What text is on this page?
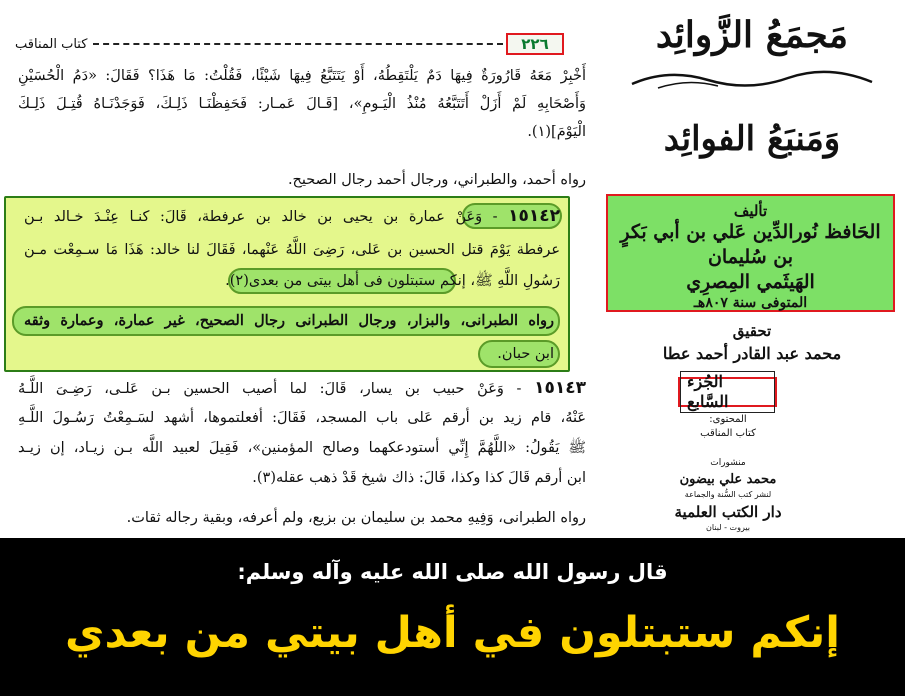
كتاب المناقب	٢٢٦
أَخْبِرْ مَعَهُ قَارُورَةٌ فِيهَا دَمٌ يَلْتَقِطُهُ، أَوْ يَتَتَبَّعُ فِيهَا شَيْئًا، فَقُلْتُ: مَا هَذَا؟ فَقَالَ: «دَمُ الْحُسَيْنِ
وَأَصْحَابِهِ لَمْ أَزَلْ أَتَتَبَّعُهُ مُنْذُ الْيَـومِ»، [قَـالَ عَمـار: فَحَفِظْنَـا ذَلِـكَ، فَوَجَدْنَـاهُ قُتِـلَ ذَلِـكَ
الْيَوْمَ](١).
رواه أحمد، والطبراني، ورجال أحمد رجال الصحيح.
١٥١٤٢ - وَعَنْ عمارة بن يحيى بن خالد بن عرفطة، قَالَ: كنـا عِنْـدَ خـالد بـن
عرفطة يَوْمَ قتل الحسين بن عَلى، رَضِىَ اللَّهُ عَنْهما، فَقَالَ لنا خالد: هَذَا مَا سـمِعْت مـن
رَسُولِ اللَّهِ ﷺ، إنكم ستبتلون فى أهل بيتى من بعدى(٢).
رواه الطبرانى، والبزار، ورجال الطبرانى رجال الصحيح، غير عمارة، وعمارة وثقه
ابن حبان.
١٥١٤٣ - وَعَنْ حبيب بن يسار، قَالَ: لما أصيب الحسين بـن عَلـى، رَضِـىَ اللَّـهُ
عَنْهُ، قام زيد بن أرقم عَلى باب المسجد، فَقَالَ: أفعلتموها، أشهد لسَـمِعْتُ رَسُـولَ اللَّـهِ
ﷺ يَقُولُ: «اللَّهُمَّ إِنِّي أستودعكهما وصالح المؤمنين»، فَقِيلَ لعبيد اللَّه بـن زيـاد، إن زيـد
ابن أرقم قَالَ كذا وكذا، قَالَ: ذاك شيخ قَدْ ذهب عقله(٣).
رواه الطبرانى، وَفِيهِ محمد بن سليمان بن بزيع، ولم أعرفه، وبقية رجاله ثقات.
مَجمَعُ الزَّوائِد
وَمَنبَعُ الفوائِد
تأليف
الحَافظ نُورالدِّين عَلي بن أبي بَكرٍ بن سُليمان
الهَيثَمي المِصرِي
المتوفى سنة ٨٠٧هـ
تحقيق
محمد عبد القادر أحمد عطا
الجُزء السَّابع
المحتوى:
كتاب المناقب
منشورات
محمد علي بيضون
لنشر كتب السُّنة والجماعة
دار الكتب العلمية
بيروت - لبنان
قال رسول الله صلى الله عليه وآله وسلم:
إنكم ستبتلون في أهل بيتي من بعدي
